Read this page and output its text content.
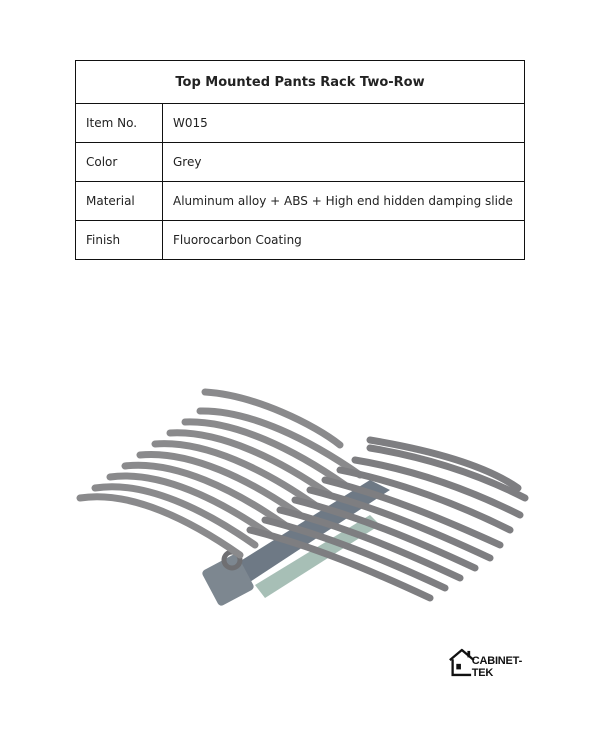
Top Mounted Pants Rack Two-Row	
Item No.	W015
Color	Grey
Material	Aluminum alloy + ABS + High end hidden damping slide
Finish	Fluorocarbon Coating
CABINET-TEK
